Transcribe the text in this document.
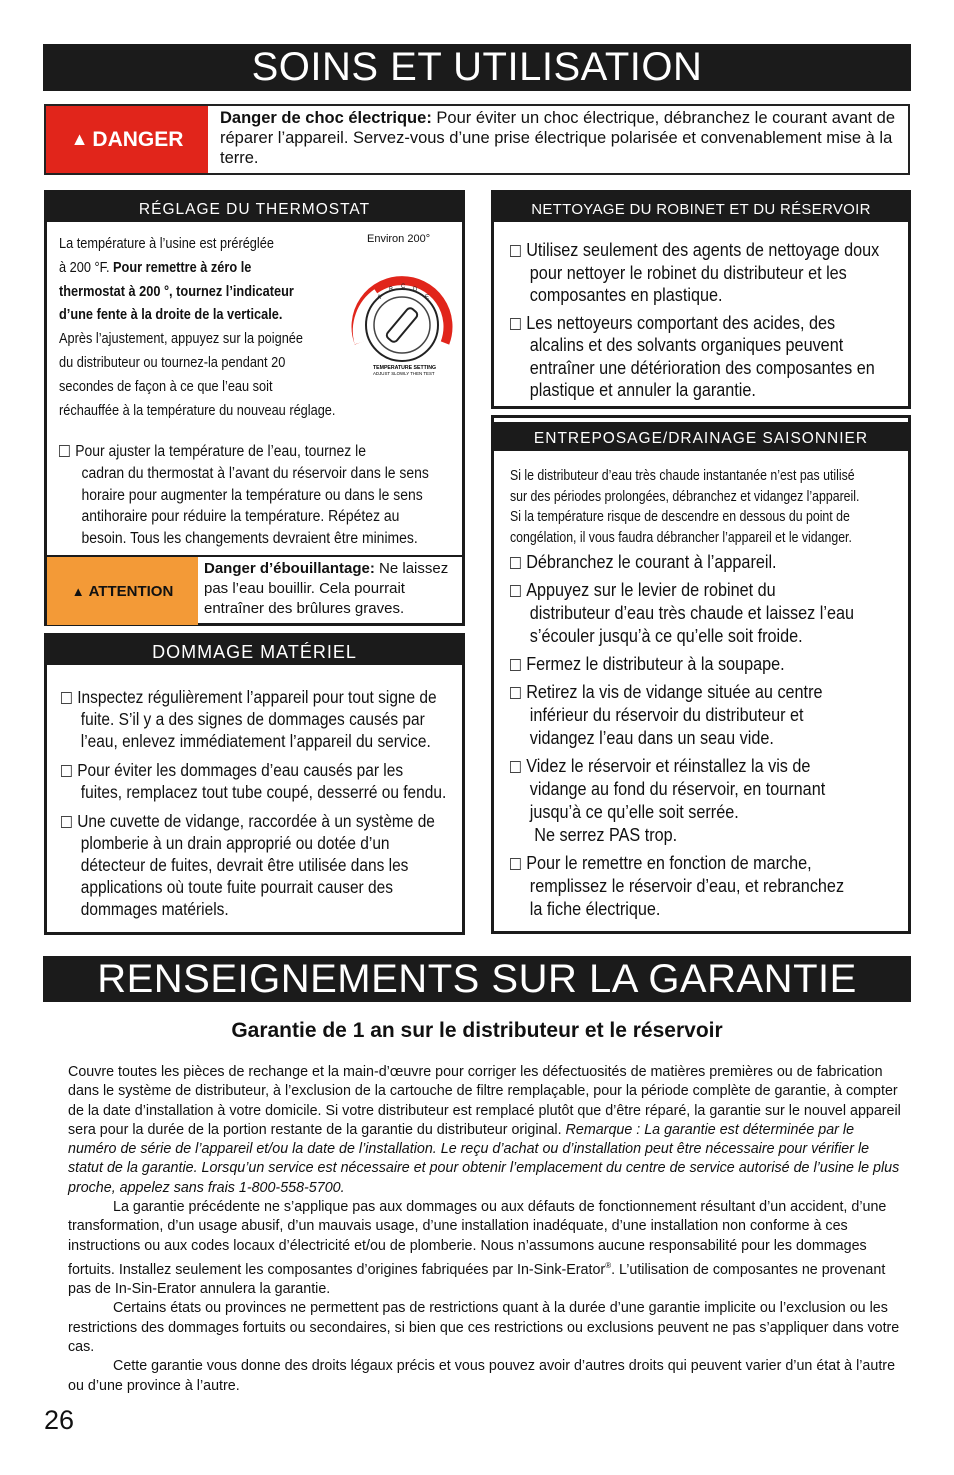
SOINS ET UTILISATION
▲ DANGER
Danger de choc électrique: Pour éviter un choc électrique, débranchez le courant avant de réparer l’appareil. Servez-vous d’une prise électrique polarisée et convenablement mise à la terre.
RÉGLAGE DU THERMOSTAT
La température à l’usine est préréglée
à 200 °F. Pour remettre à zéro le
thermostat à 200 °, tournez l’indicateur
d’une fente à la droite de la verticale.
Après l’ajustement, appuyez sur la poignée
du distributeur ou tournez-la pendant 20
secondes de façon à ce que l’eau soit
réchauffée à la température du nouveau réglage.
Environ 200°
A
B C D
E
TEMPERATURE SETTING
ADJUST SLOWLY THEN TEST
Pour ajuster la température de l’eau, tournez le
cadran du thermostat à l’avant du réservoir dans le sens
horaire pour augmenter la température ou dans le sens
antihoraire pour réduire la température. Répétez au
besoin. Tous les changements devraient être minimes.
▲ ATTENTION
Danger d’ébouillantage: Ne laissez pas l’eau bouillir. Cela pourrait entraîner des brûlures graves.
DOMMAGE MATÉRIEL
Inspectez régulièrement l’appareil pour tout signe de
fuite. S’il y a des signes de dommages causés par
l’eau, enlevez immédiatement l’appareil du service.
Pour éviter les dommages d’eau causés par les
fuites, remplacez tout tube coupé, desserré ou fendu.
Une cuvette de vidange, raccordée à un système de
plomberie à un drain approprié ou dotée d’un
détecteur de fuites, devrait être utilisée dans les
applications où toute fuite pourrait causer des
dommages matériels.
NETTOYAGE DU ROBINET ET DU RÉSERVOIR
Utilisez seulement des agents de nettoyage doux
pour nettoyer le robinet du distributeur et les
composantes en plastique.
Les nettoyeurs comportant des acides, des
alcalins et des solvants organiques peuvent
entraîner une détérioration des composantes en
plastique et annuler la garantie.
ENTREPOSAGE/DRAINAGE SAISONNIER
Si le distributeur d’eau très chaude instantanée n’est pas utilisé
sur des périodes prolongées, débranchez et vidangez l’appareil.
Si la température risque de descendre en dessous du point de
congélation, il vous faudra débrancher l’appareil et le vidanger.
Débranchez le courant à l’appareil.
Appuyez sur le levier de robinet du
distributeur d’eau très chaude et laissez l’eau
s’écouler jusqu’à ce qu’elle soit froide.
Fermez le distributeur à la soupape.
Retirez la vis de vidange située au centre
inférieur du réservoir du distributeur et
vidangez l’eau dans un seau vide.
Videz le réservoir et réinstallez la vis de
vidange au fond du réservoir, en tournant
jusqu’à ce qu’elle soit serrée.
Ne serrez PAS trop.
Pour le remettre en fonction de marche,
remplissez le réservoir d’eau, et rebranchez
la fiche électrique.
RENSEIGNEMENTS SUR LA GARANTIE
Garantie de 1 an sur le distributeur et le réservoir

Couvre toutes les pièces de rechange et la main-d’œuvre pour corriger les défectuosités de matières premières ou de fabrication dans le système de distributeur, à l’exclusion de la cartouche de filtre remplaçable, pour la période complète de garantie, à compter de la date d’installation à votre domicile. Si votre distributeur est remplacé plutôt que d’être réparé, la garantie sur le nouvel appareil sera pour la durée de la portion restante de la garantie du distributeur original. Remarque : La garantie est déterminée par le numéro de série de l’appareil et/ou la date de l’installation. Le reçu d’achat ou d’installation peut être nécessaire pour vérifier le statut de la garantie. Lorsqu’un service est nécessaire et pour obtenir l’emplacement du centre de service autorisé de l’usine le plus proche, appelez sans frais 1-800-558-5700.

La garantie précédente ne s’applique pas aux dommages ou aux défauts de fonctionnement résultant d’un accident, d’une transformation, d’un usage abusif, d’un mauvais usage, d’une installation inadéquate, d’une installation non conforme à ces instructions ou aux codes locaux d’électricité et/ou de plomberie. Nous n’assumons aucune responsabilité pour les dommages fortuits. Installez seulement les composantes d’origines fabriquées par In-Sink-Erator®. L’utilisation de composantes ne provenant pas de In-Sin-Erator annulera la garantie.

Certains états ou provinces ne permettent pas de restrictions quant à la durée d’une garantie implicite ou l’exclusion ou les restrictions des dommages fortuits ou secondaires, si bien que ces restrictions ou exclusions peuvent ne pas s’appliquer dans votre cas.

Cette garantie vous donne des droits légaux précis et vous pouvez avoir d’autres droits qui peuvent varier d’un état à l’autre ou d’une province à l’autre.

26
